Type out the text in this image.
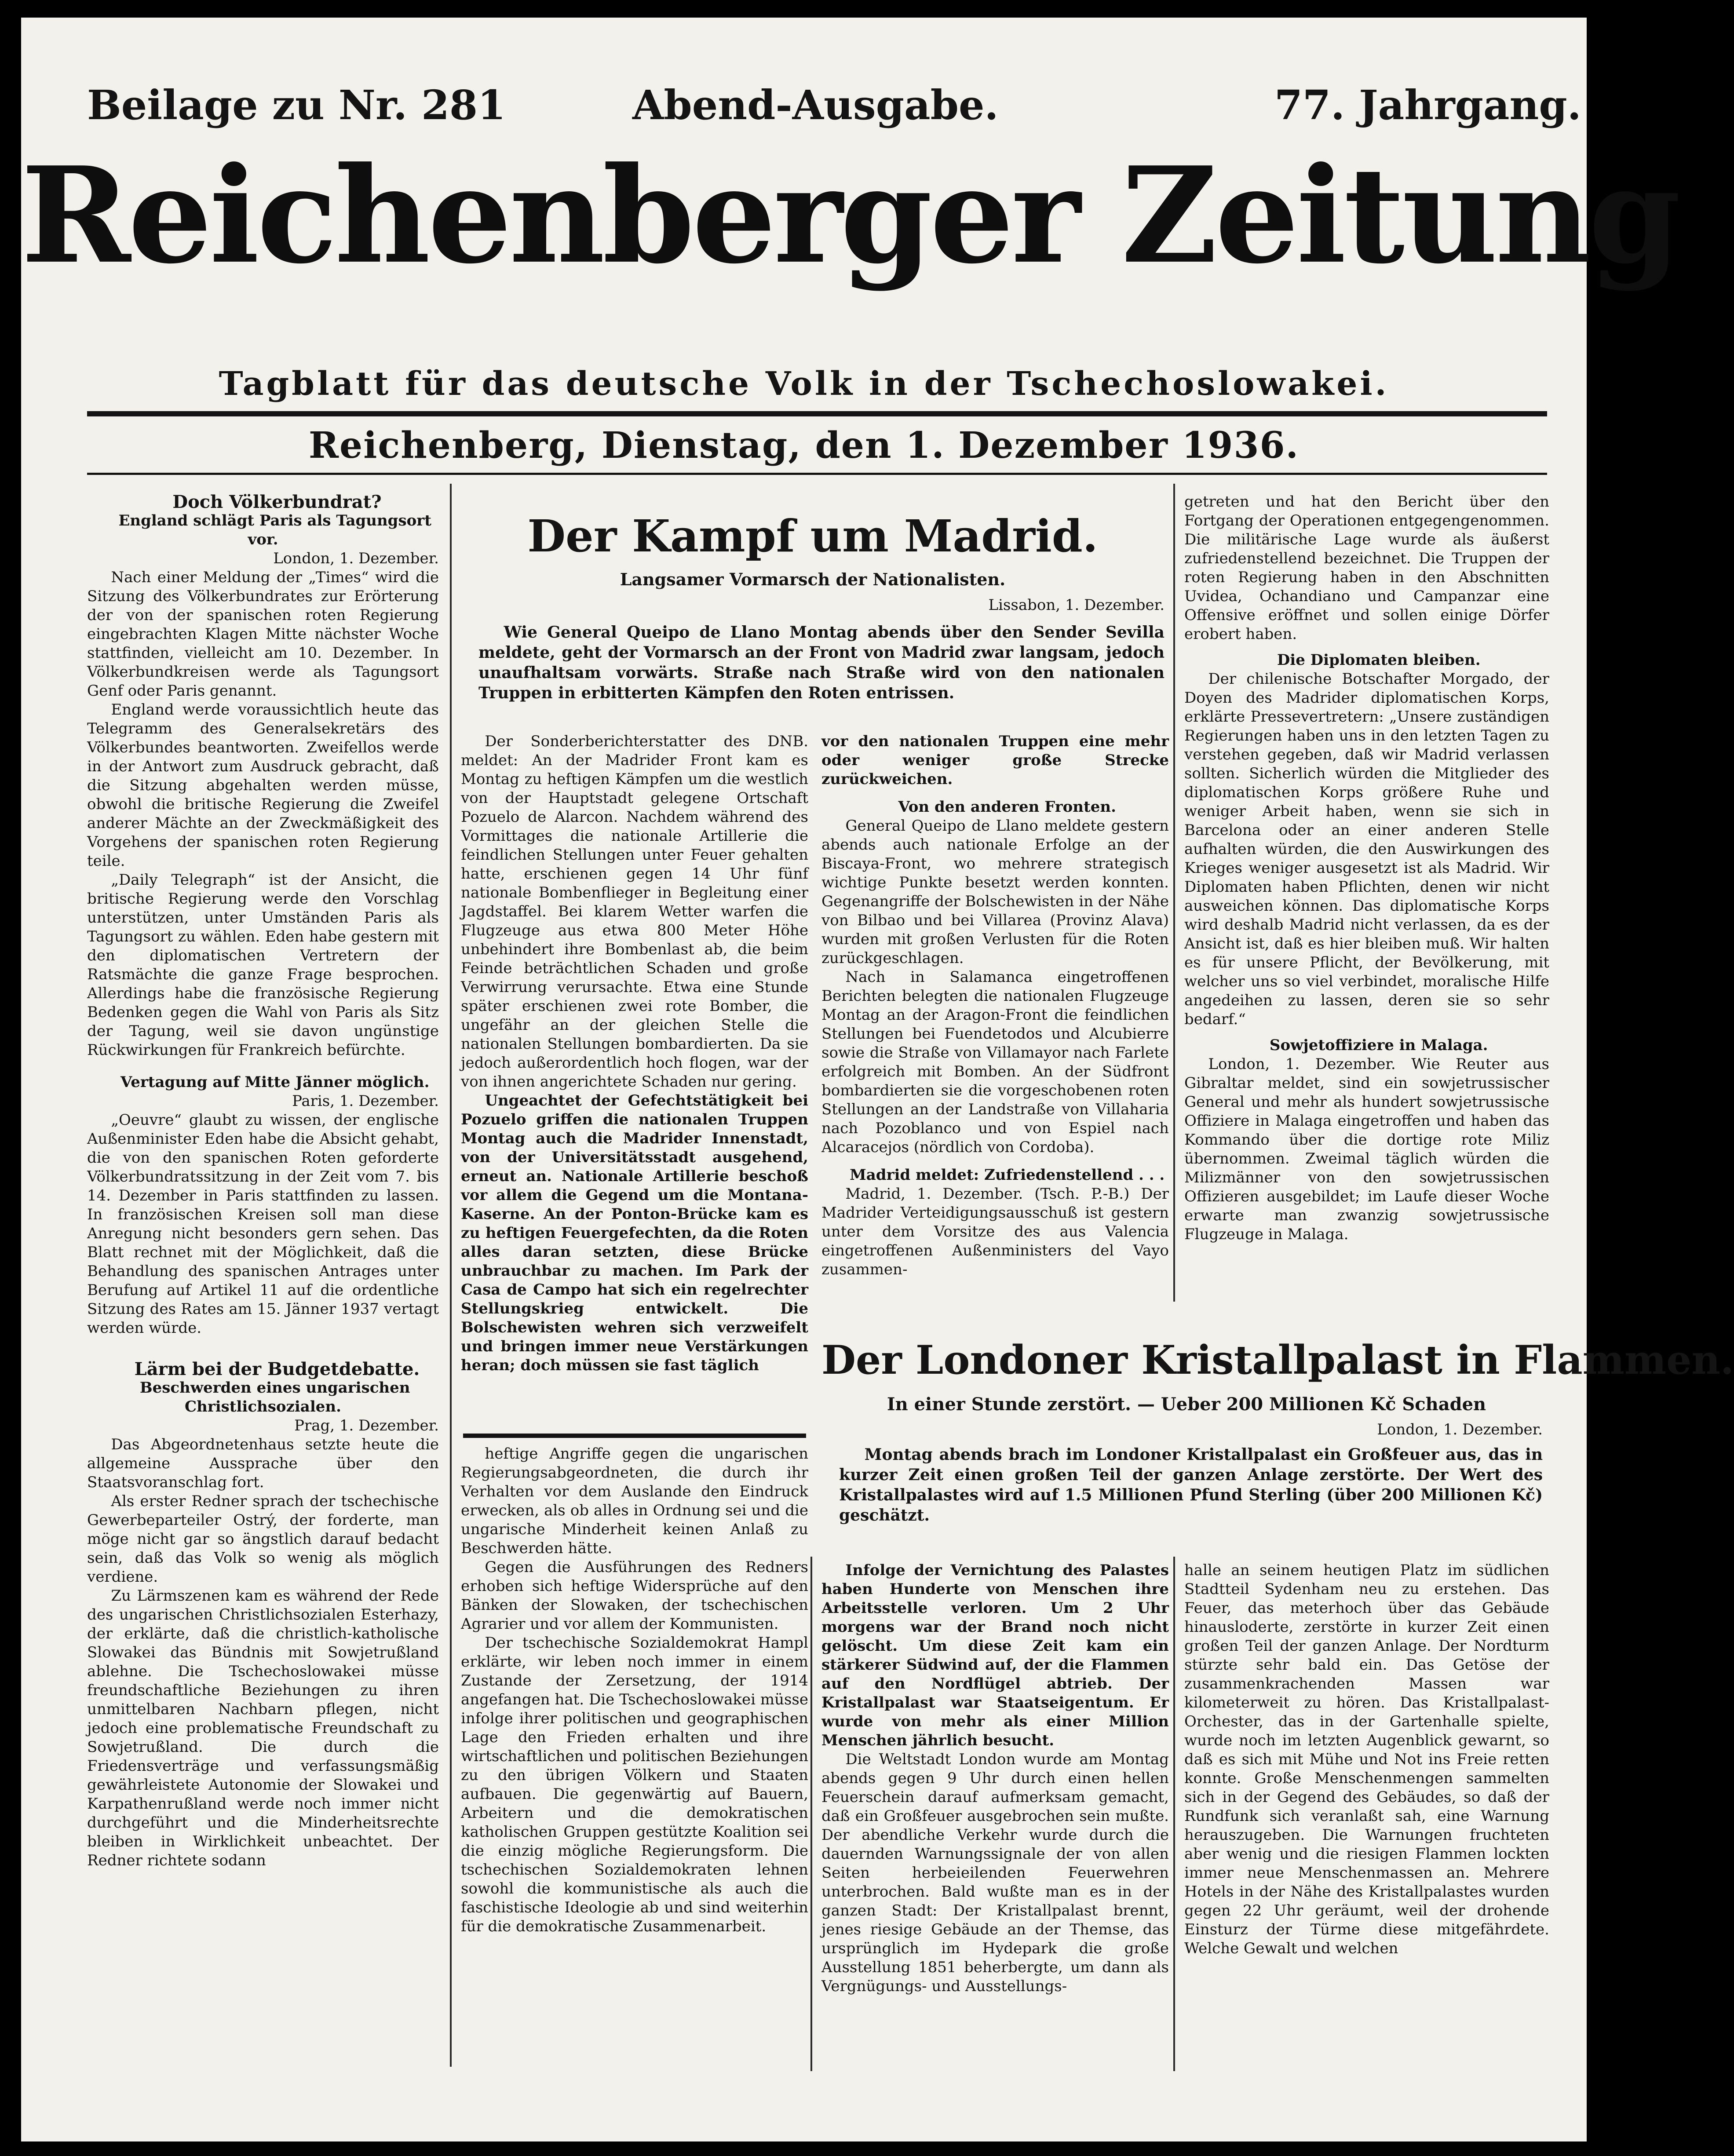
Beilage zu Nr. 281	Abend-Ausgabe.	77. Jahrgang.
Reichenberger Zeitung
Tagblatt für das deutsche Volk in der Tschechoslowakei.
Reichenberg, Dienstag, den 1. Dezember 1936.

Doch Völkerbundrat?

England schlägt Paris als Tagungsort vor.

London, 1. Dezember.

Nach einer Meldung der „Times“ wird die Sitzung des Völkerbundrates zur Erörterung der von der spanischen roten Regierung eingebrachten Klagen Mitte nächster Woche stattfinden, vielleicht am 10. Dezember. In Völkerbundkreisen werde als Tagungsort Genf oder Paris genannt.

England werde voraussichtlich heute das Telegramm des Generalsekretärs des Völkerbundes beantworten. Zweifellos werde in der Antwort zum Ausdruck gebracht, daß die Sitzung abgehalten werden müsse, obwohl die britische Regierung die Zweifel anderer Mächte an der Zweckmäßigkeit des Vorgehens der spanischen roten Regierung teile.

„Daily Telegraph“ ist der Ansicht, die britische Regierung werde den Vorschlag unterstützen, unter Umständen Paris als Tagungsort zu wählen. Eden habe gestern mit den diplomatischen Vertretern der Ratsmächte die ganze Frage besprochen. Allerdings habe die französische Regierung Bedenken gegen die Wahl von Paris als Sitz der Tagung, weil sie davon ungünstige Rückwirkungen für Frankreich befürchte.

Vertagung auf Mitte Jänner möglich.

Paris, 1. Dezember.

„Oeuvre“ glaubt zu wissen, der englische Außenminister Eden habe die Absicht gehabt, die von den spanischen Roten geforderte Völkerbundratssitzung in der Zeit vom 7. bis 14. Dezember in Paris stattfinden zu lassen. In französischen Kreisen soll man diese Anregung nicht besonders gern sehen. Das Blatt rechnet mit der Möglichkeit, daß die Behandlung des spanischen Antrages unter Berufung auf Artikel 11 auf die ordentliche Sitzung des Rates am 15. Jänner 1937 vertagt werden würde.

Lärm bei der Budgetdebatte.

Beschwerden eines ungarischen Christlichsozialen.

Prag, 1. Dezember.

Das Abgeordnetenhaus setzte heute die allgemeine Aussprache über den Staatsvoranschlag fort.

Als erster Redner sprach der tschechische Gewerbeparteiler Ostrý, der forderte, man möge nicht gar so ängstlich darauf bedacht sein, daß das Volk so wenig als möglich verdiene.

Zu Lärmszenen kam es während der Rede des ungarischen Christlichsozialen Esterhazy, der erklärte, daß die christlich-katholische Slowakei das Bündnis mit Sowjetrußland ablehne. Die Tschechoslowakei müsse freundschaftliche Beziehungen zu ihren unmittelbaren Nachbarn pflegen, nicht jedoch eine problematische Freundschaft zu Sowjetrußland. Die durch die Friedensverträge und verfassungsmäßig gewährleistete Autonomie der Slowakei und Karpathenrußland werde noch immer nicht durchgeführt und die Minderheitsrechte bleiben in Wirklichkeit unbeachtet. Der Redner richtete sodann

Der Kampf um Madrid.
Langsamer Vormarsch der Nationalisten.

Lissabon, 1. Dezember.

Wie General Queipo de Llano Montag abends über den Sender Sevilla meldete, geht der Vormarsch an der Front von Madrid zwar langsam, jedoch unaufhaltsam vorwärts. Straße nach Straße wird von den nationalen Truppen in erbitterten Kämpfen den Roten entrissen.

Der Sonderberichterstatter des DNB. meldet: An der Madrider Front kam es Montag zu heftigen Kämpfen um die westlich von der Hauptstadt gelegene Ortschaft Pozuelo de Alarcon. Nachdem während des Vormittages die nationale Artillerie die feindlichen Stellungen unter Feuer gehalten hatte, erschienen gegen 14 Uhr fünf nationale Bombenflieger in Begleitung einer Jagdstaffel. Bei klarem Wetter warfen die Flugzeuge aus etwa 800 Meter Höhe unbehindert ihre Bombenlast ab, die beim Feinde beträchtlichen Schaden und große Verwirrung verursachte. Etwa eine Stunde später erschienen zwei rote Bomber, die ungefähr an der gleichen Stelle die nationalen Stellungen bombardierten. Da sie jedoch außerordentlich hoch flogen, war der von ihnen angerichtete Schaden nur gering.

Ungeachtet der Gefechtstätigkeit bei Pozuelo griffen die nationalen Truppen Montag auch die Madrider Innenstadt, von der Universitätsstadt ausgehend, erneut an. Nationale Artillerie beschoß vor allem die Gegend um die Montana-Kaserne. An der Ponton-Brücke kam es zu heftigen Feuergefechten, da die Roten alles daran setzten, diese Brücke unbrauchbar zu machen. Im Park der Casa de Campo hat sich ein regelrechter Stellungskrieg entwickelt. Die Bolschewisten wehren sich verzweifelt und bringen immer neue Verstärkungen heran; doch müssen sie fast täglich

heftige Angriffe gegen die ungarischen Regierungsabgeordneten, die durch ihr Verhalten vor dem Auslande den Eindruck erwecken, als ob alles in Ordnung sei und die ungarische Minderheit keinen Anlaß zu Beschwerden hätte.

Gegen die Ausführungen des Redners erhoben sich heftige Widersprüche auf den Bänken der Slowaken, der tschechischen Agrarier und vor allem der Kommunisten.

Der tschechische Sozialdemokrat Hampl erklärte, wir leben noch immer in einem Zustande der Zersetzung, der 1914 angefangen hat. Die Tschechoslowakei müsse infolge ihrer politischen und geographischen Lage den Frieden erhalten und ihre wirtschaftlichen und politischen Beziehungen zu den übrigen Völkern und Staaten aufbauen. Die gegenwärtig auf Bauern, Arbeitern und die demokratischen katholischen Gruppen gestützte Koalition sei die einzig mögliche Regierungsform. Die tschechischen Sozialdemokraten lehnen sowohl die kommunistische als auch die faschistische Ideologie ab und sind weiterhin für die demokratische Zusammenarbeit.

vor den nationalen Truppen eine mehr oder weniger große Strecke zurückweichen.

Von den anderen Fronten.

General Queipo de Llano meldete gestern abends auch nationale Erfolge an der Biscaya-Front, wo mehrere strategisch wichtige Punkte besetzt werden konnten. Gegenangriffe der Bolschewisten in der Nähe von Bilbao und bei Villarea (Provinz Alava) wurden mit großen Verlusten für die Roten zurückgeschlagen.

Nach in Salamanca eingetroffenen Berichten belegten die nationalen Flugzeuge Montag an der Aragon-Front die feindlichen Stellungen bei Fuendetodos und Alcubierre sowie die Straße von Villamayor nach Farlete erfolgreich mit Bomben. An der Südfront bombardierten sie die vorgeschobenen roten Stellungen an der Landstraße von Villaharia nach Pozoblanco und von Espiel nach Alcaracejos (nördlich von Cordoba).

Madrid meldet: Zufriedenstellend . . .

Madrid, 1. Dezember. (Tsch. P.-B.) Der Madrider Verteidigungsausschuß ist gestern unter dem Vorsitze des aus Valencia eingetroffenen Außenministers del Vayo zusammen-

getreten und hat den Bericht über den Fortgang der Operationen entgegengenommen. Die militärische Lage wurde als äußerst zufriedenstellend bezeichnet. Die Truppen der roten Regierung haben in den Abschnitten Uvidea, Ochandiano und Campanzar eine Offensive eröffnet und sollen einige Dörfer erobert haben.

Die Diplomaten bleiben.

Der chilenische Botschafter Morgado, der Doyen des Madrider diplomatischen Korps, erklärte Pressevertretern: „Unsere zuständigen Regierungen haben uns in den letzten Tagen zu verstehen gegeben, daß wir Madrid verlassen sollten. Sicherlich würden die Mitglieder des diplomatischen Korps größere Ruhe und weniger Arbeit haben, wenn sie sich in Barcelona oder an einer anderen Stelle aufhalten würden, die den Auswirkungen des Krieges weniger ausgesetzt ist als Madrid. Wir Diplomaten haben Pflichten, denen wir nicht ausweichen können. Das diplomatische Korps wird deshalb Madrid nicht verlassen, da es der Ansicht ist, daß es hier bleiben muß. Wir halten es für unsere Pflicht, der Bevölkerung, mit welcher uns so viel verbindet, moralische Hilfe angedeihen zu lassen, deren sie so sehr bedarf.“

Sowjetoffiziere in Malaga.

London, 1. Dezember. Wie Reuter aus Gibraltar meldet, sind ein sowjetrussischer General und mehr als hundert sowjetrussische Offiziere in Malaga eingetroffen und haben das Kommando über die dortige rote Miliz übernommen. Zweimal täglich würden die Milizmänner von den sowjetrussischen Offizieren ausgebildet; im Laufe dieser Woche erwarte man zwanzig sowjetrussische Flugzeuge in Malaga.

Der Londoner Kristallpalast in Flammen.
In einer Stunde zerstört. — Ueber 200 Millionen Kč Schaden

London, 1. Dezember.

Montag abends brach im Londoner Kristallpalast ein Großfeuer aus, das in kurzer Zeit einen großen Teil der ganzen Anlage zerstörte. Der Wert des Kristallpalastes wird auf 1.5 Millionen Pfund Sterling (über 200 Millionen Kč) geschätzt.

Infolge der Vernichtung des Palastes haben Hunderte von Menschen ihre Arbeitsstelle verloren. Um 2 Uhr morgens war der Brand noch nicht gelöscht. Um diese Zeit kam ein stärkerer Südwind auf, der die Flammen auf den Nordflügel abtrieb. Der Kristallpalast war Staatseigentum. Er wurde von mehr als einer Million Menschen jährlich besucht.

Die Weltstadt London wurde am Montag abends gegen 9 Uhr durch einen hellen Feuerschein darauf aufmerksam gemacht, daß ein Großfeuer ausgebrochen sein mußte. Der abendliche Verkehr wurde durch die dauernden Warnungssignale der von allen Seiten herbeieilenden Feuerwehren unterbrochen. Bald wußte man es in der ganzen Stadt: Der Kristallpalast brennt, jenes riesige Gebäude an der Themse, das ursprünglich im Hydepark die große Ausstellung 1851 beherbergte, um dann als Vergnügungs- und Ausstellungs-

halle an seinem heutigen Platz im südlichen Stadtteil Sydenham neu zu erstehen. Das Feuer, das meterhoch über das Gebäude hinausloderte, zerstörte in kurzer Zeit einen großen Teil der ganzen Anlage. Der Nordturm stürzte sehr bald ein. Das Getöse der zusammenkrachenden Massen war kilometerweit zu hören. Das Kristallpalast-Orchester, das in der Gartenhalle spielte, wurde noch im letzten Augenblick gewarnt, so daß es sich mit Mühe und Not ins Freie retten konnte. Große Menschenmengen sammelten sich in der Gegend des Gebäudes, so daß der Rundfunk sich veranlaßt sah, eine Warnung herauszugeben. Die Warnungen fruchteten aber wenig und die riesigen Flammen lockten immer neue Menschenmassen an. Mehrere Hotels in der Nähe des Kristallpalastes wurden gegen 22 Uhr geräumt, weil der drohende Einsturz der Türme diese mitgefährdete. Welche Gewalt und welchen
